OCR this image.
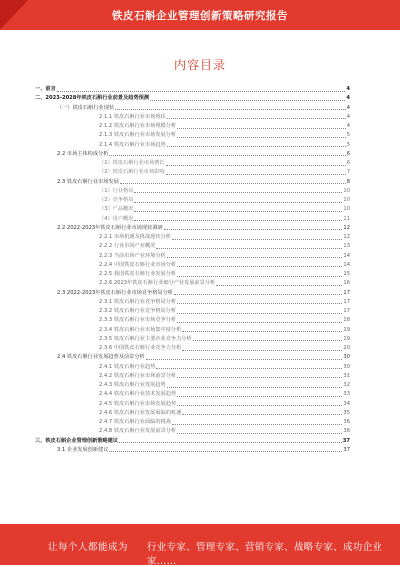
铁皮石斛企业管理创新策略研究报告
内容目录
一、前言	4
二、2023-2028年铁皮石斛行业前景及趋势预测	4
（一）铁皮石斛行业现状	4
2.1.1 铁皮石斛行业市场现状	4
2.1.2 铁皮石斛行业市场规模分析	4
2.1.3 铁皮石斛行业市场发展分析	5
2.1.4 铁皮石斛行业市场趋势	5
2.2 市场主体构成分析	6
（1）铁皮石斛行业市场增长	6
（2）铁皮石斛行业市场影响	7
2.3 铁皮石斛行业市场发展	8
（1）行业格局	10
（2）竞争格局	10
（3）产品概况	10
（4）用户概况	11
2.2 2022-2023年铁皮石斛行业市场现状调研	12
2.2.1 市场机遇及挑战现状分析	12
2.2.2 行业市场产业概况	13
2.2.3 当前市场产业环境分析	14
2.2.4 中国铁皮石斛行业市场分析	14
2.2.5 我国铁皮石斛行业发展分析	15
2.2.6 2023年铁皮石斛行业细分产业发展前景分析	16
2.3 2022-2023年铁皮石斛行业市场竞争格局分析	17
2.3.1 铁皮石斛行业竞争格局分析	17
2.3.2 铁皮石斛行业竞争格局分析	17
2.3.3 铁皮石斛行业市场竞争分析	18
2.3.4 铁皮石斛行业市场集中度分析	19
2.3.5 铁皮石斛行业主要企业竞争力分析	19
2.3.6 中国铁皮石斛行业竞争力分析	20
2.4 铁皮石斛行业发展趋势及前景分析	30
2.4.1 铁皮石斛行业趋势	30
2.4.2 铁皮石斛行业市场前景分析	31
2.4.3 铁皮石斛行业发展趋势	32
2.4.4 铁皮石斛行业技术发展趋势	33
2.4.5 铁皮石斛行业市场发展趋势	34
2.4.6 铁皮石斛行业发展面临的机遇	35
2.4.7 铁皮石斛行业面临的挑战	36
2.4.8 铁皮石斛行业发展前景分析	36
三、铁皮石斛企业管理创新策略建议	37
3.1 企业发展创新建议	37
让每个人都能成为 行业专家、管理专家、营销专家、战略专家、成功企业家……
